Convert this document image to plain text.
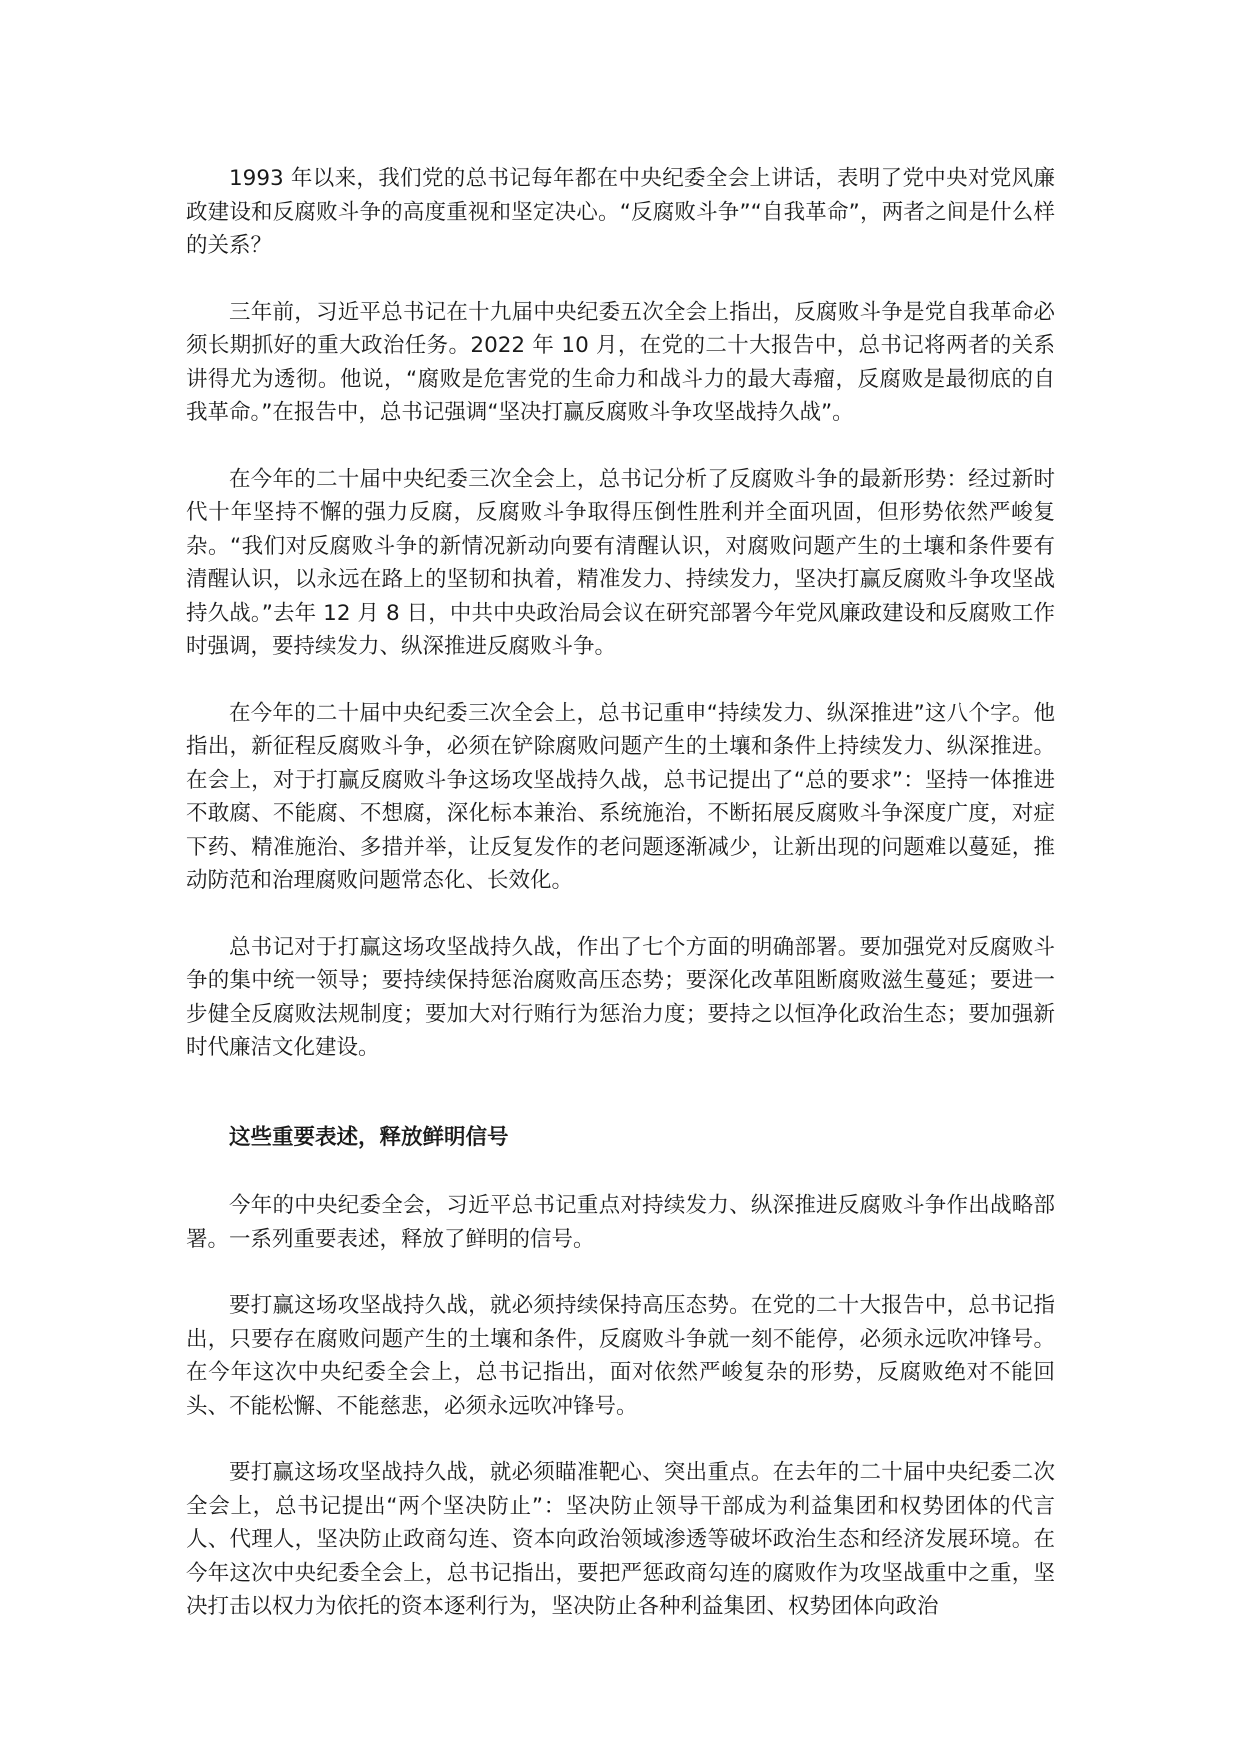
1993 年以来，我们党的总书记每年都在中央纪委全会上讲话，表明了党中央对党风廉政建设和反腐败斗争的高度重视和坚定决心。“反腐败斗争”“自我革命”，两者之间是什么样的关系？

三年前，习近平总书记在十九届中央纪委五次全会上指出，反腐败斗争是党自我革命必须长期抓好的重大政治任务。2022 年 10 月，在党的二十大报告中，总书记将两者的关系讲得尤为透彻。他说，“腐败是危害党的生命力和战斗力的最大毒瘤，反腐败是最彻底的自我革命。”在报告中，总书记强调“坚决打赢反腐败斗争攻坚战持久战”。

在今年的二十届中央纪委三次全会上，总书记分析了反腐败斗争的最新形势：经过新时代十年坚持不懈的强力反腐，反腐败斗争取得压倒性胜利并全面巩固，但形势依然严峻复杂。“我们对反腐败斗争的新情况新动向要有清醒认识，对腐败问题产生的土壤和条件要有清醒认识，以永远在路上的坚韧和执着，精准发力、持续发力，坚决打赢反腐败斗争攻坚战持久战。”去年 12 月 8 日，中共中央政治局会议在研究部署今年党风廉政建设和反腐败工作时强调，要持续发力、纵深推进反腐败斗争。

在今年的二十届中央纪委三次全会上，总书记重申“持续发力、纵深推进”这八个字。他指出，新征程反腐败斗争，必须在铲除腐败问题产生的土壤和条件上持续发力、纵深推进。在会上，对于打赢反腐败斗争这场攻坚战持久战，总书记提出了“总的要求”：坚持一体推进不敢腐、不能腐、不想腐，深化标本兼治、系统施治，不断拓展反腐败斗争深度广度，对症下药、精准施治、多措并举，让反复发作的老问题逐渐减少，让新出现的问题难以蔓延，推动防范和治理腐败问题常态化、长效化。

总书记对于打赢这场攻坚战持久战，作出了七个方面的明确部署。要加强党对反腐败斗争的集中统一领导；要持续保持惩治腐败高压态势；要深化改革阻断腐败滋生蔓延；要进一步健全反腐败法规制度；要加大对行贿行为惩治力度；要持之以恒净化政治生态；要加强新时代廉洁文化建设。

这些重要表述，释放鲜明信号

今年的中央纪委全会，习近平总书记重点对持续发力、纵深推进反腐败斗争作出战略部署。一系列重要表述，释放了鲜明的信号。

要打赢这场攻坚战持久战，就必须持续保持高压态势。在党的二十大报告中，总书记指出，只要存在腐败问题产生的土壤和条件，反腐败斗争就一刻不能停，必须永远吹冲锋号。在今年这次中央纪委全会上，总书记指出，面对依然严峻复杂的形势，反腐败绝对不能回头、不能松懈、不能慈悲，必须永远吹冲锋号。

要打赢这场攻坚战持久战，就必须瞄准靶心、突出重点。在去年的二十届中央纪委二次全会上，总书记提出“两个坚决防止”：坚决防止领导干部成为利益集团和权势团体的代言人、代理人，坚决防止政商勾连、资本向政治领域渗透等破坏政治生态和经济发展环境。在今年这次中央纪委全会上，总书记指出，要把严惩政商勾连的腐败作为攻坚战重中之重，坚决打击以权力为依托的资本逐利行为，坚决防止各种利益集团、权势团体向政治
